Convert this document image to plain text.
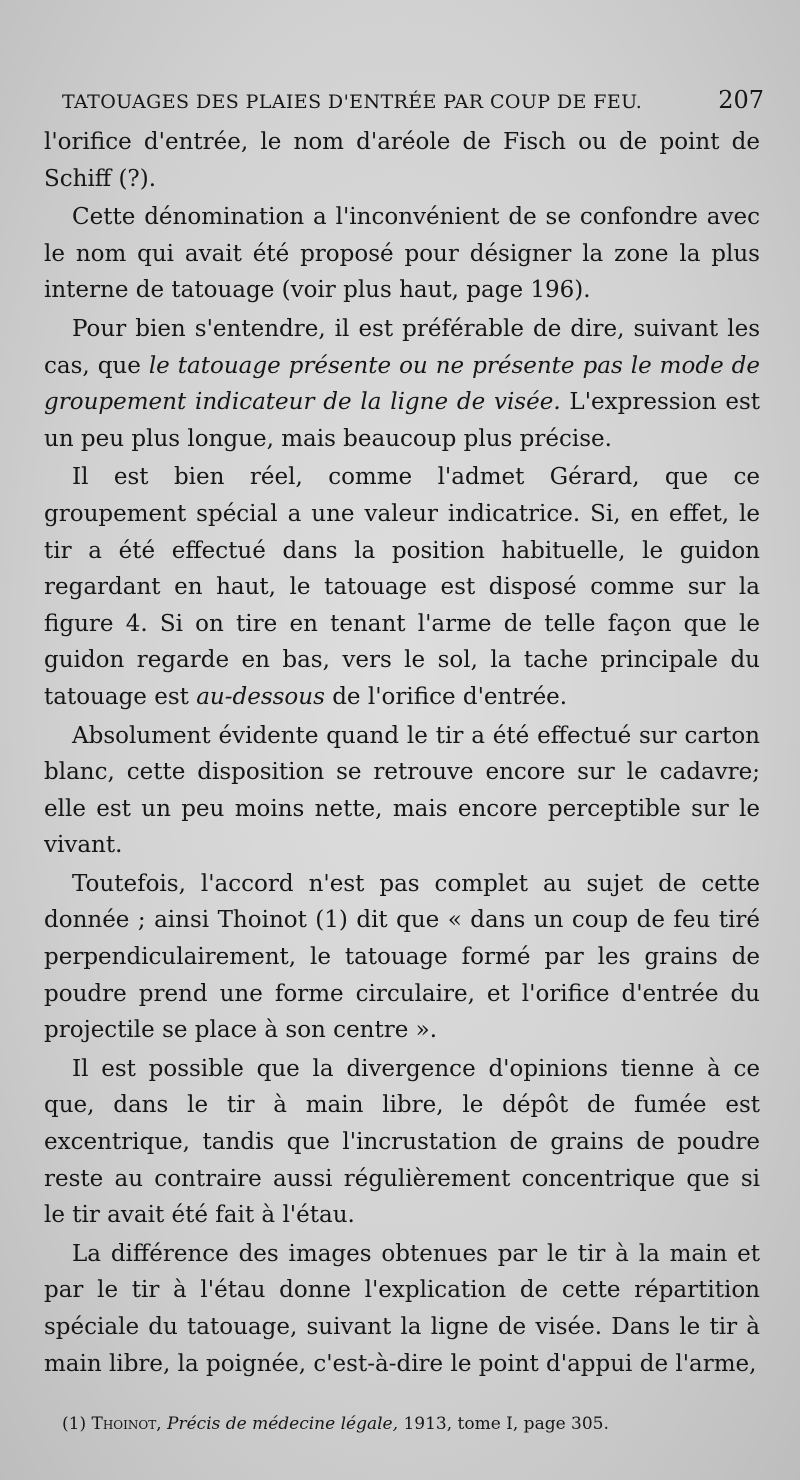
TATOUAGES DES PLAIES D'ENTRÉE PAR COUP DE FEU.	207

l'orifice d'entrée, le nom d'aréole de Fisch ou de point de Schiff (?).

Cette dénomination a l'inconvénient de se confondre avec le nom qui avait été proposé pour désigner la zone la plus interne de tatouage (voir plus haut, page 196).

Pour bien s'entendre, il est préférable de dire, suivant les cas, que le tatouage présente ou ne présente pas le mode de groupement indicateur de la ligne de visée. L'expression est un peu plus longue, mais beaucoup plus précise.

Il est bien réel, comme l'admet Gérard, que ce groupement spécial a une valeur indicatrice. Si, en effet, le tir a été effectué dans la position habituelle, le guidon regardant en haut, le tatouage est disposé comme sur la figure 4. Si on tire en tenant l'arme de telle façon que le guidon regarde en bas, vers le sol, la tache principale du tatouage est au-dessous de l'orifice d'entrée.

Absolument évidente quand le tir a été effectué sur carton blanc, cette disposition se retrouve encore sur le cadavre; elle est un peu moins nette, mais encore perceptible sur le vivant.

Toutefois, l'accord n'est pas complet au sujet de cette donnée ; ainsi Thoinot (1) dit que « dans un coup de feu tiré perpendiculairement, le tatouage formé par les grains de poudre prend une forme circulaire, et l'orifice d'entrée du projectile se place à son centre ».

Il est possible que la divergence d'opinions tienne à ce que, dans le tir à main libre, le dépôt de fumée est excentrique, tandis que l'incrustation de grains de poudre reste au contraire aussi régulièrement concentrique que si le tir avait été fait à l'étau.

La différence des images obtenues par le tir à la main et par le tir à l'étau donne l'explication de cette répartition spéciale du tatouage, suivant la ligne de visée. Dans le tir à main libre, la poignée, c'est-à-dire le point d'appui de l'arme,

(1) Thoinot, Précis de médecine légale, 1913, tome I, page 305.
